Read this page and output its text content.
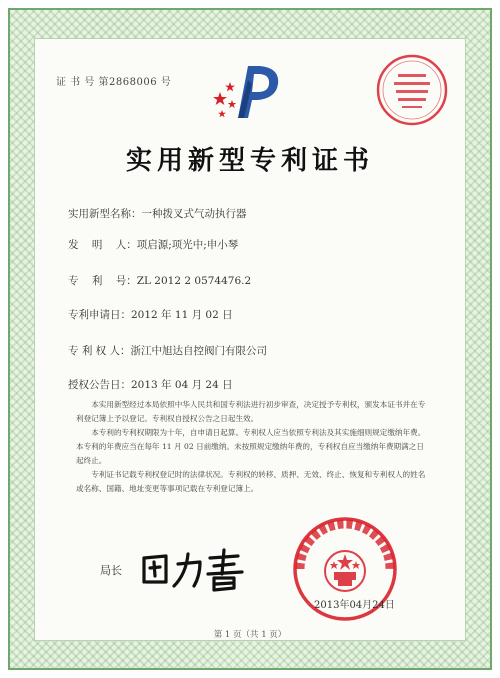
证 书 号 第2868006 号
实用新型专利证书
实用新型名称：一种拨叉式气动执行器
发    明    人：项启源;项光中;申小琴
专    利    号：ZL 2012 2 0574476.2
专利申请日：2012 年 11 月 02 日
专 利 权 人：浙江中旭达自控阀门有限公司
授权公告日：2013 年 04 月 24 日
本实用新型经过本局依照中华人民共和国专利法进行初步审查，决定授予专利权，颁发本证书并在专利登记簿上予以登记。专利权自授权公告之日起生效。
本专利的专利权期限为十年，自申请日起算。专利权人应当依照专利法及其实施细则规定缴纳年费。本专利的年费应当在每年 11 月 02 日前缴纳。未按照规定缴纳年费的，专利权自应当缴纳年费期满之日起终止。
专利证书记载专利权登记时的法律状况。专利权的转移、质押、无效、终止、恢复和专利权人的姓名或名称、国籍、地址变更等事项记载在专利登记簿上。
局长
2013年04月24日
第 1 页（共 1 页）
